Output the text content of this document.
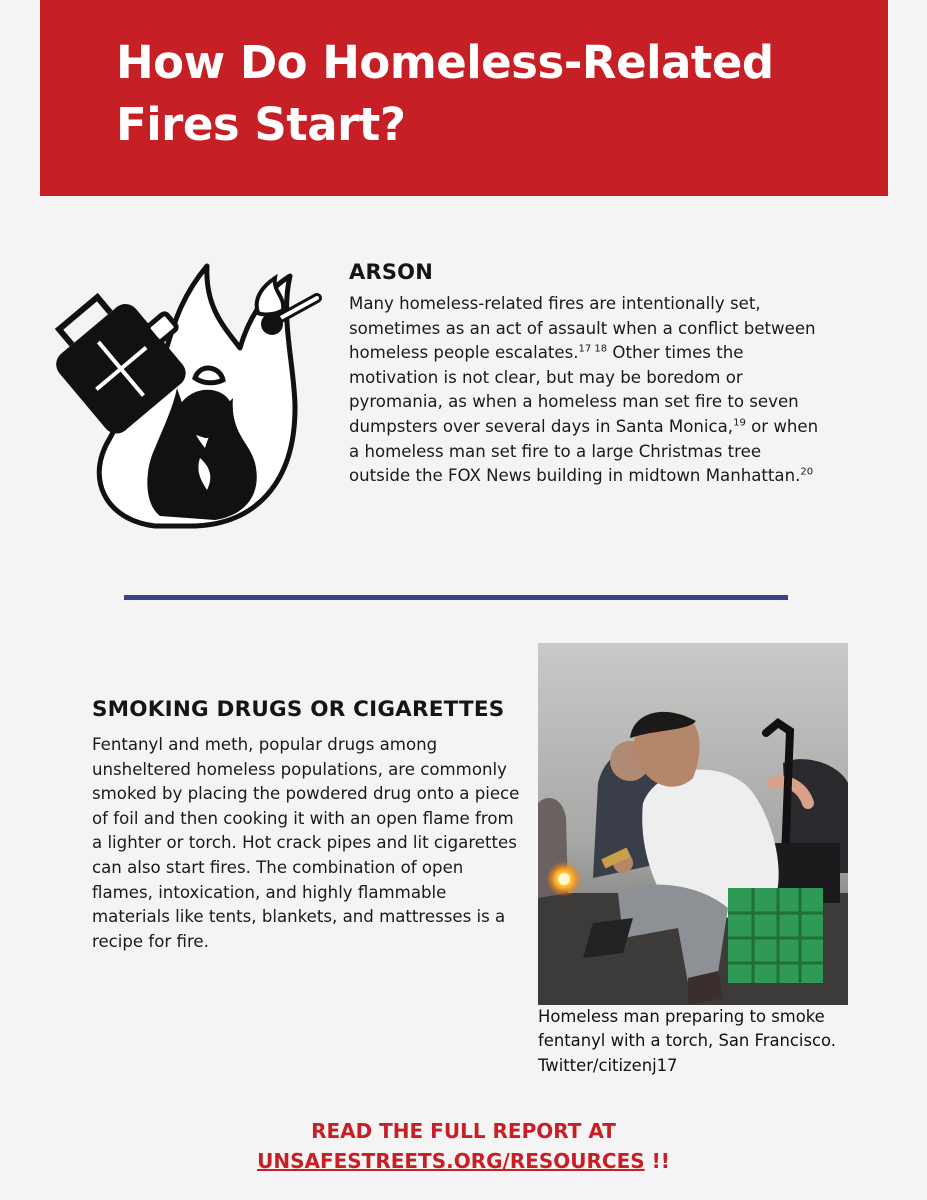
How Do Homeless-Related
Fires Start?
ARSON

Many homeless-related fires are intentionally set, sometimes as an act of assault when a conflict between homeless people escalates.$^{17 18}$ Other times the motivation is not clear, but may be boredom or pyromania, as when a homeless man set fire to seven dumpsters over several days in Santa Monica,$^{19}$ or when a homeless man set fire to a large Christmas tree outside the FOX News building in midtown Manhattan.$^{20}$

SMOKING DRUGS OR CIGARETTES

Fentanyl and meth, popular drugs among unsheltered homeless populations, are commonly smoked by placing the powdered drug onto a piece of foil and then cooking it with an open flame from a lighter or torch. Hot crack pipes and lit cigarettes can also start fires. The combination of open flames, intoxication, and highly flammable materials like tents, blankets, and mattresses is a recipe for fire.

Homeless man preparing to smoke
fentanyl with a torch, San Francisco.
Twitter/citizenj17
READ THE FULL REPORT AT
UNSAFESTREETS.ORG/RESOURCES !!
